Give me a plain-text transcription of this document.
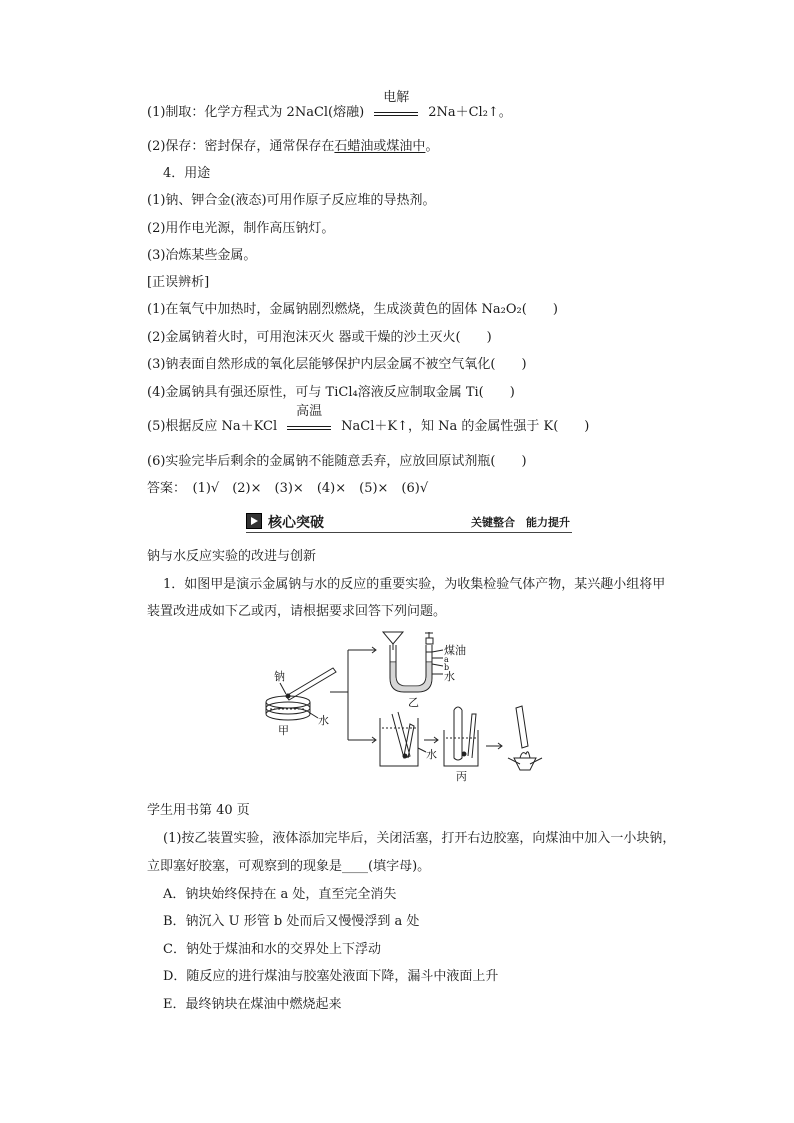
(1)制取：化学方程式为 2NaCl(熔融)
电解
2Na＋Cl₂↑。
(2)保存：密封保存，通常保存在石蜡油或煤油中。
4．用途
(1)钠、钾合金(液态)可用作原子反应堆的导热剂。
(2)用作电光源，制作高压钠灯。
(3)冶炼某些金属。
[正误辨析]
(1)在氧气中加热时，金属钠剧烈燃烧，生成淡黄色的固体 Na₂O₂(　　)
(2)金属钠着火时，可用泡沫灭火 器或干燥的沙土灭火(　　)
(3)钠表面自然形成的氧化层能够保护内层金属不被空气氧化(　　)
(4)金属钠具有强还原性，可与 TiCl₄溶液反应制取金属 Ti(　　)
(5)根据反应 Na＋KCl
高温
NaCl＋K↑，知 Na 的金属性强于 K(　　)
(6)实验完毕后剩余的金属钠不能随意丢弃，应放回原试剂瓶(　　)
答案：　(1)√　(2)×　(3)×　(4)×　(5)×　(6)√
核心突破	关键整合　能力提升
钠与水反应实验的改进与创新
1．如图甲是演示金属钠与水的反应的重要实验，为收集检验气体产物，某兴趣小组将甲
装置改进成如下乙或丙，请根据要求回答下列问题。
钠
水
甲
煤油
a
b
水
乙
水
丙
学生用书第 40 页
(1)按乙装置实验，液体添加完毕后，关闭活塞，打开右边胶塞，向煤油中加入一小块钠，
立即塞好胶塞，可观察到的现象是____(填字母)。
A．钠块始终保持在 a 处，直至完全消失
B．钠沉入 U 形管 b 处而后又慢慢浮到 a 处
C．钠处于煤油和水的交界处上下浮动
D．随反应的进行煤油与胶塞处液面下降，漏斗中液面上升
E．最终钠块在煤油中燃烧起来
